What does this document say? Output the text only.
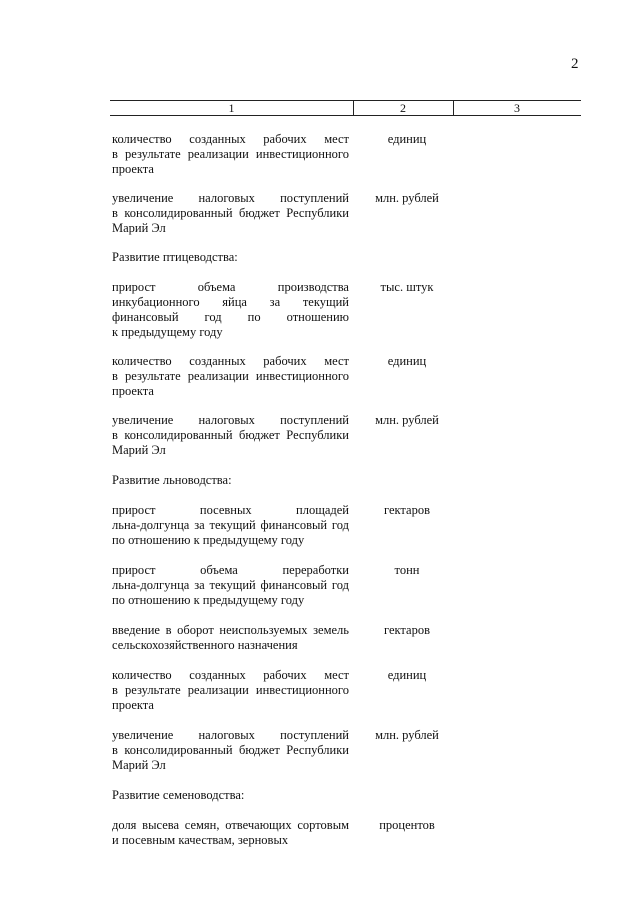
2
1	2	3
количество созданных рабочих мест
в результате реализации инвестиционного
проекта
единиц
увеличение налоговых поступлений
в консолидированный бюджет Республики
Марий Эл
млн. рублей
Развитие птицеводства:
прирост объема производства
инкубационного яйца за текущий
финансовый год по отношению
к предыдущему году
тыс. штук
количество созданных рабочих мест
в результате реализации инвестиционного
проекта
единиц
увеличение налоговых поступлений
в консолидированный бюджет Республики
Марий Эл
млн. рублей
Развитие льноводства:
прирост посевных площадей
льна-долгунца за текущий финансовый год
по отношению к предыдущему году
гектаров
прирост объема переработки
льна-долгунца за текущий финансовый год
по отношению к предыдущему году
тонн
введение в оборот неиспользуемых земель
сельскохозяйственного назначения
гектаров
количество созданных рабочих мест
в результате реализации инвестиционного
проекта
единиц
увеличение налоговых поступлений
в консолидированный бюджет Республики
Марий Эл
млн. рублей
Развитие семеноводства:
доля высева семян, отвечающих сортовым
и посевным качествам, зерновых
процентов
